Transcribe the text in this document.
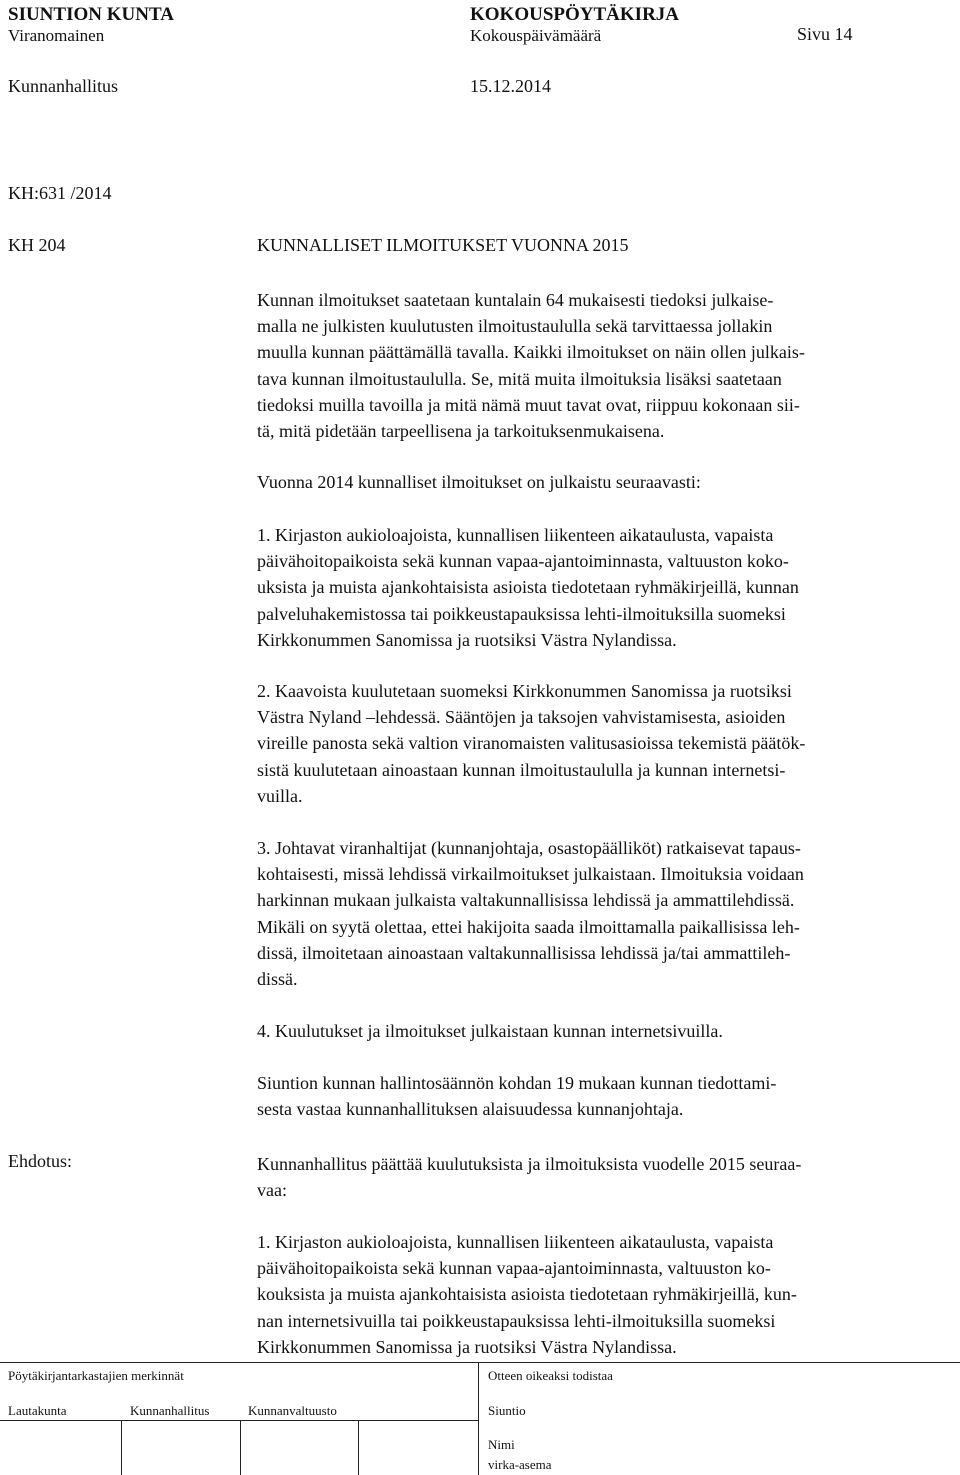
SIUNTION KUNTA	KOKOUSPÖYTÄKIRJA
Viranomainen	Kokouspäivämäärä	Sivu 14
Kunnanhallitus	15.12.2014
KH:631 /2014
KH 204	KUNNALLISET ILMOITUKSET VUONNA 2015
Kunnan ilmoitukset saatetaan kuntalain 64 mukaisesti tiedoksi julkaise-
malla ne julkisten kuulutusten ilmoitustaululla sekä tarvittaessa jollakin
muulla kunnan päättämällä tavalla. Kaikki ilmoitukset on näin ollen julkais-
tava kunnan ilmoitustaululla. Se, mitä muita ilmoituksia lisäksi saatetaan
tiedoksi muilla tavoilla ja mitä nämä muut tavat ovat, riippuu kokonaan sii-
tä, mitä pidetään tarpeellisena ja tarkoituksenmukaisena.
Vuonna 2014 kunnalliset ilmoitukset on julkaistu seuraavasti:
1. Kirjaston aukioloajoista, kunnallisen liikenteen aikataulusta, vapaista
päivähoitopaikoista sekä kunnan vapaa-ajantoiminnasta, valtuuston koko-
uksista ja muista ajankohtaisista asioista tiedotetaan ryhmäkirjeillä, kunnan
palveluhakemistossa tai poikkeustapauksissa lehti-ilmoituksilla suomeksi
Kirkkonummen Sanomissa ja ruotsiksi Västra Nylandissa.
2. Kaavoista kuulutetaan suomeksi Kirkkonummen Sanomissa ja ruotsiksi
Västra Nyland –lehdessä. Sääntöjen ja taksojen vahvistamisesta, asioiden
vireille panosta sekä valtion viranomaisten valitusasioissa tekemistä päätök-
sistä kuulutetaan ainoastaan kunnan ilmoitustaululla ja kunnan internetsi-
vuilla.
3. Johtavat viranhaltijat (kunnanjohtaja, osastopäälliköt) ratkaisevat tapaus-
kohtaisesti, missä lehdissä virkailmoitukset julkaistaan. Ilmoituksia voidaan
harkinnan mukaan julkaista valtakunnallisissa lehdissä ja ammattilehdissä.
Mikäli on syytä olettaa, ettei hakijoita saada ilmoittamalla paikallisissa leh-
dissä, ilmoitetaan ainoastaan valtakunnallisissa lehdissä ja/tai ammattileh-
dissä.
4. Kuulutukset ja ilmoitukset julkaistaan kunnan internetsivuilla.
Siuntion kunnan hallintosäännön kohdan 19 mukaan kunnan tiedottami-
sesta vastaa kunnanhallituksen alaisuudessa kunnanjohtaja.
Ehdotus:	Kunnanhallitus päättää kuulutuksista ja ilmoituksista vuodelle 2015 seuraa-
vaa:
1. Kirjaston aukioloajoista, kunnallisen liikenteen aikataulusta, vapaista
päivähoitopaikoista sekä kunnan vapaa-ajantoiminnasta, valtuuston ko-
kouksista ja muista ajankohtaisista asioista tiedotetaan ryhmäkirjeillä, kun-
nan internetsivuilla tai poikkeustapauksissa lehti-ilmoituksilla suomeksi
Kirkkonummen Sanomissa ja ruotsiksi Västra Nylandissa.
Pöytäkirjantarkastajien merkinnät	Otteen oikeaksi todistaa
Lautakunta	Kunnanhallitus	Kunnanvaltuusto	Siuntio
Nimi
virka-asema
